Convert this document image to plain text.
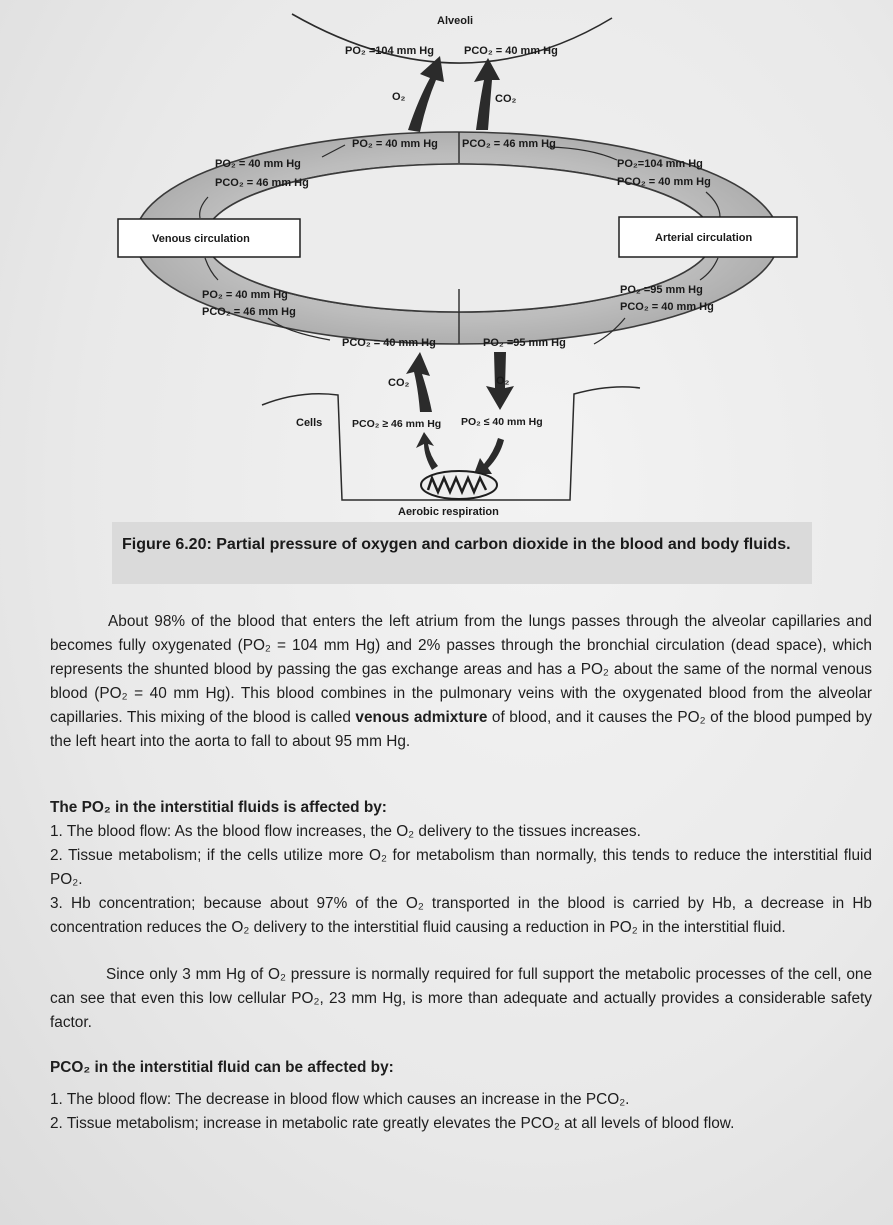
Alveoli
PO₂ =104 mm Hg	PCO₂ = 40 mm Hg
O₂	CO₂
PO₂ = 40 mm Hg PCO₂ = 46 mm Hg
PO₂ = 40 mm Hg
PCO₂ = 46 mm Hg
PO₂=104 mm Hg
PCO₂ = 40 mm Hg
Venous circulation	Arterial circulation
PO₂ = 40 mm Hg
PCO₂ = 46 mm Hg
PO₂ =95 mm Hg
PCO₂ = 40 mm Hg
PCO₂ = 40 mm Hg	PO₂ =95 mm Hg
CO₂	O₂
Cells	PCO₂ ≥ 46 mm Hg PO₂ ≤ 40 mm Hg
Aerobic respiration
Figure 6.20: Partial pressure of oxygen and carbon dioxide in the blood and body fluids.
About 98% of the blood that enters the left atrium from the lungs passes through the alveolar capillaries and becomes fully oxygenated (PO₂ = 104 mm Hg) and 2% passes through the bronchial circulation (dead space), which represents the shunted blood by passing the gas exchange areas and has a PO₂ about the same of the normal venous blood (PO₂ = 40 mm Hg). This blood combines in the pulmonary veins with the oxygenated blood from the alveolar capillaries. This mixing of the blood is called venous admixture of blood, and it causes the PO₂ of the blood pumped by the left heart into the aorta to fall to about 95 mm Hg.
The PO₂ in the interstitial fluids is affected by:
1. The blood flow: As the blood flow increases, the O₂ delivery to the tissues increases.
2. Tissue metabolism; if the cells utilize more O₂ for metabolism than normally, this tends to reduce the interstitial fluid PO₂.
3. Hb concentration; because about 97% of the O₂ transported in the blood is carried by Hb, a decrease in Hb concentration reduces the O₂ delivery to the interstitial fluid causing a reduction in PO₂ in the interstitial fluid.
Since only 3 mm Hg of O₂ pressure is normally required for full support the metabolic processes of the cell, one can see that even this low cellular PO₂, 23 mm Hg, is more than adequate and actually provides a considerable safety factor.
PCO₂ in the interstitial fluid can be affected by:
1. The blood flow: The decrease in blood flow which causes an increase in the PCO₂.
2. Tissue metabolism; increase in metabolic rate greatly elevates the PCO₂ at all levels of blood flow.
